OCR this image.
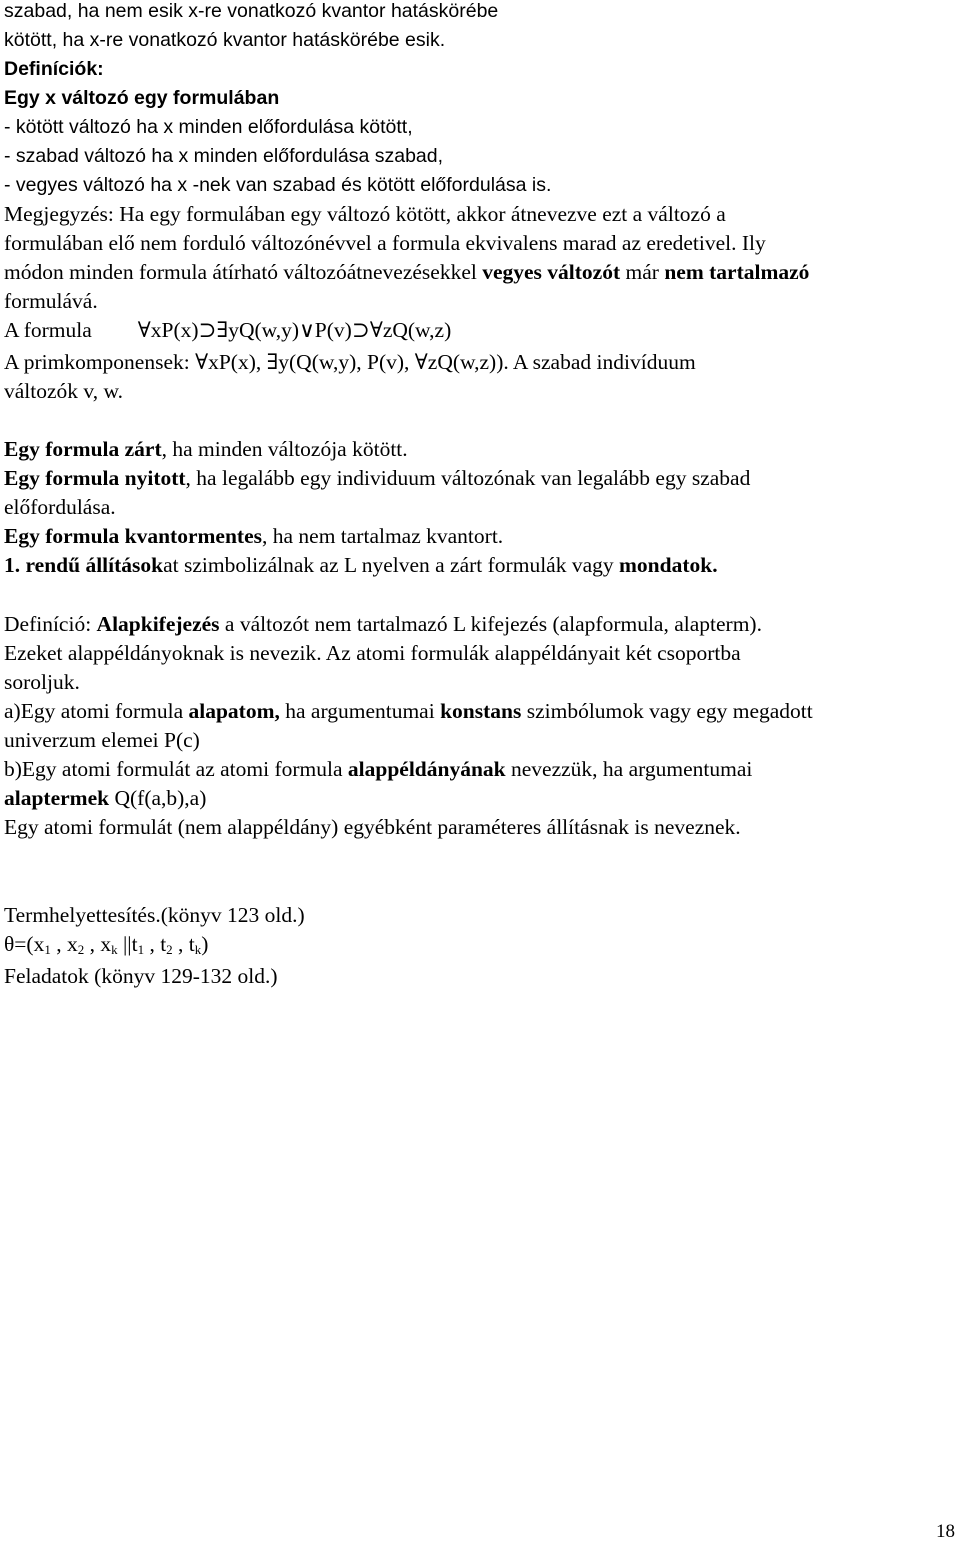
szabad, ha nem esik x-re vonatkozó kvantor hatáskörébe

kötött, ha x-re vonatkozó kvantor hatáskörébe esik.

Definíciók:

Egy x változó egy formulában

- kötött változó ha x minden előfordulása kötött,

- szabad változó ha x minden előfordulása szabad,

- vegyes változó ha x -nek van szabad és kötött előfordulása is.

Megjegyzés: Ha egy formulában egy változó kötött, akkor átnevezve ezt a változó a

formulában elő nem forduló változónévvel a formula ekvivalens marad az eredetivel. Ily

módon minden formula átírható változóátnevezésekkel vegyes változót már nem tartalmazó

formulává.

A formula ∀xP(x)⊃∃yQ(w,y)∨P(v)⊃∀zQ(w,z)

A primkomponensek: ∀xP(x), ∃y(Q(w,y), P(v), ∀zQ(w,z)). A szabad indivíduum

változók v, w.

Egy formula zárt, ha minden változója kötött.

Egy formula nyitott, ha legalább egy individuum változónak van legalább egy szabad

előfordulása.

Egy formula kvantormentes, ha nem tartalmaz kvantort.

1. rendű állításokat szimbolizálnak az L nyelven a zárt formulák vagy mondatok.

Definíció: Alapkifejezés a változót nem tartalmazó L kifejezés (alapformula, alapterm).

Ezeket alappéldányoknak is nevezik. Az atomi formulák alappéldányait két csoportba

soroljuk.

a)Egy atomi formula alapatom, ha argumentumai konstans szimbólumok vagy egy megadott

univerzum elemei P(c)

b)Egy atomi formulát az atomi formula alappéldányának nevezzük, ha argumentumai

alaptermek Q(f(a,b),a)

Egy atomi formulát (nem alappéldány) egyébként paraméteres állításnak is neveznek.

Termhelyettesítés.(könyv 123 old.)

$\theta=(x_1$ , $x_2$ , $x_k$ $||t_1$ , $t_2$ , $t_k$)

Feladatok (könyv 129-132 old.)

18
